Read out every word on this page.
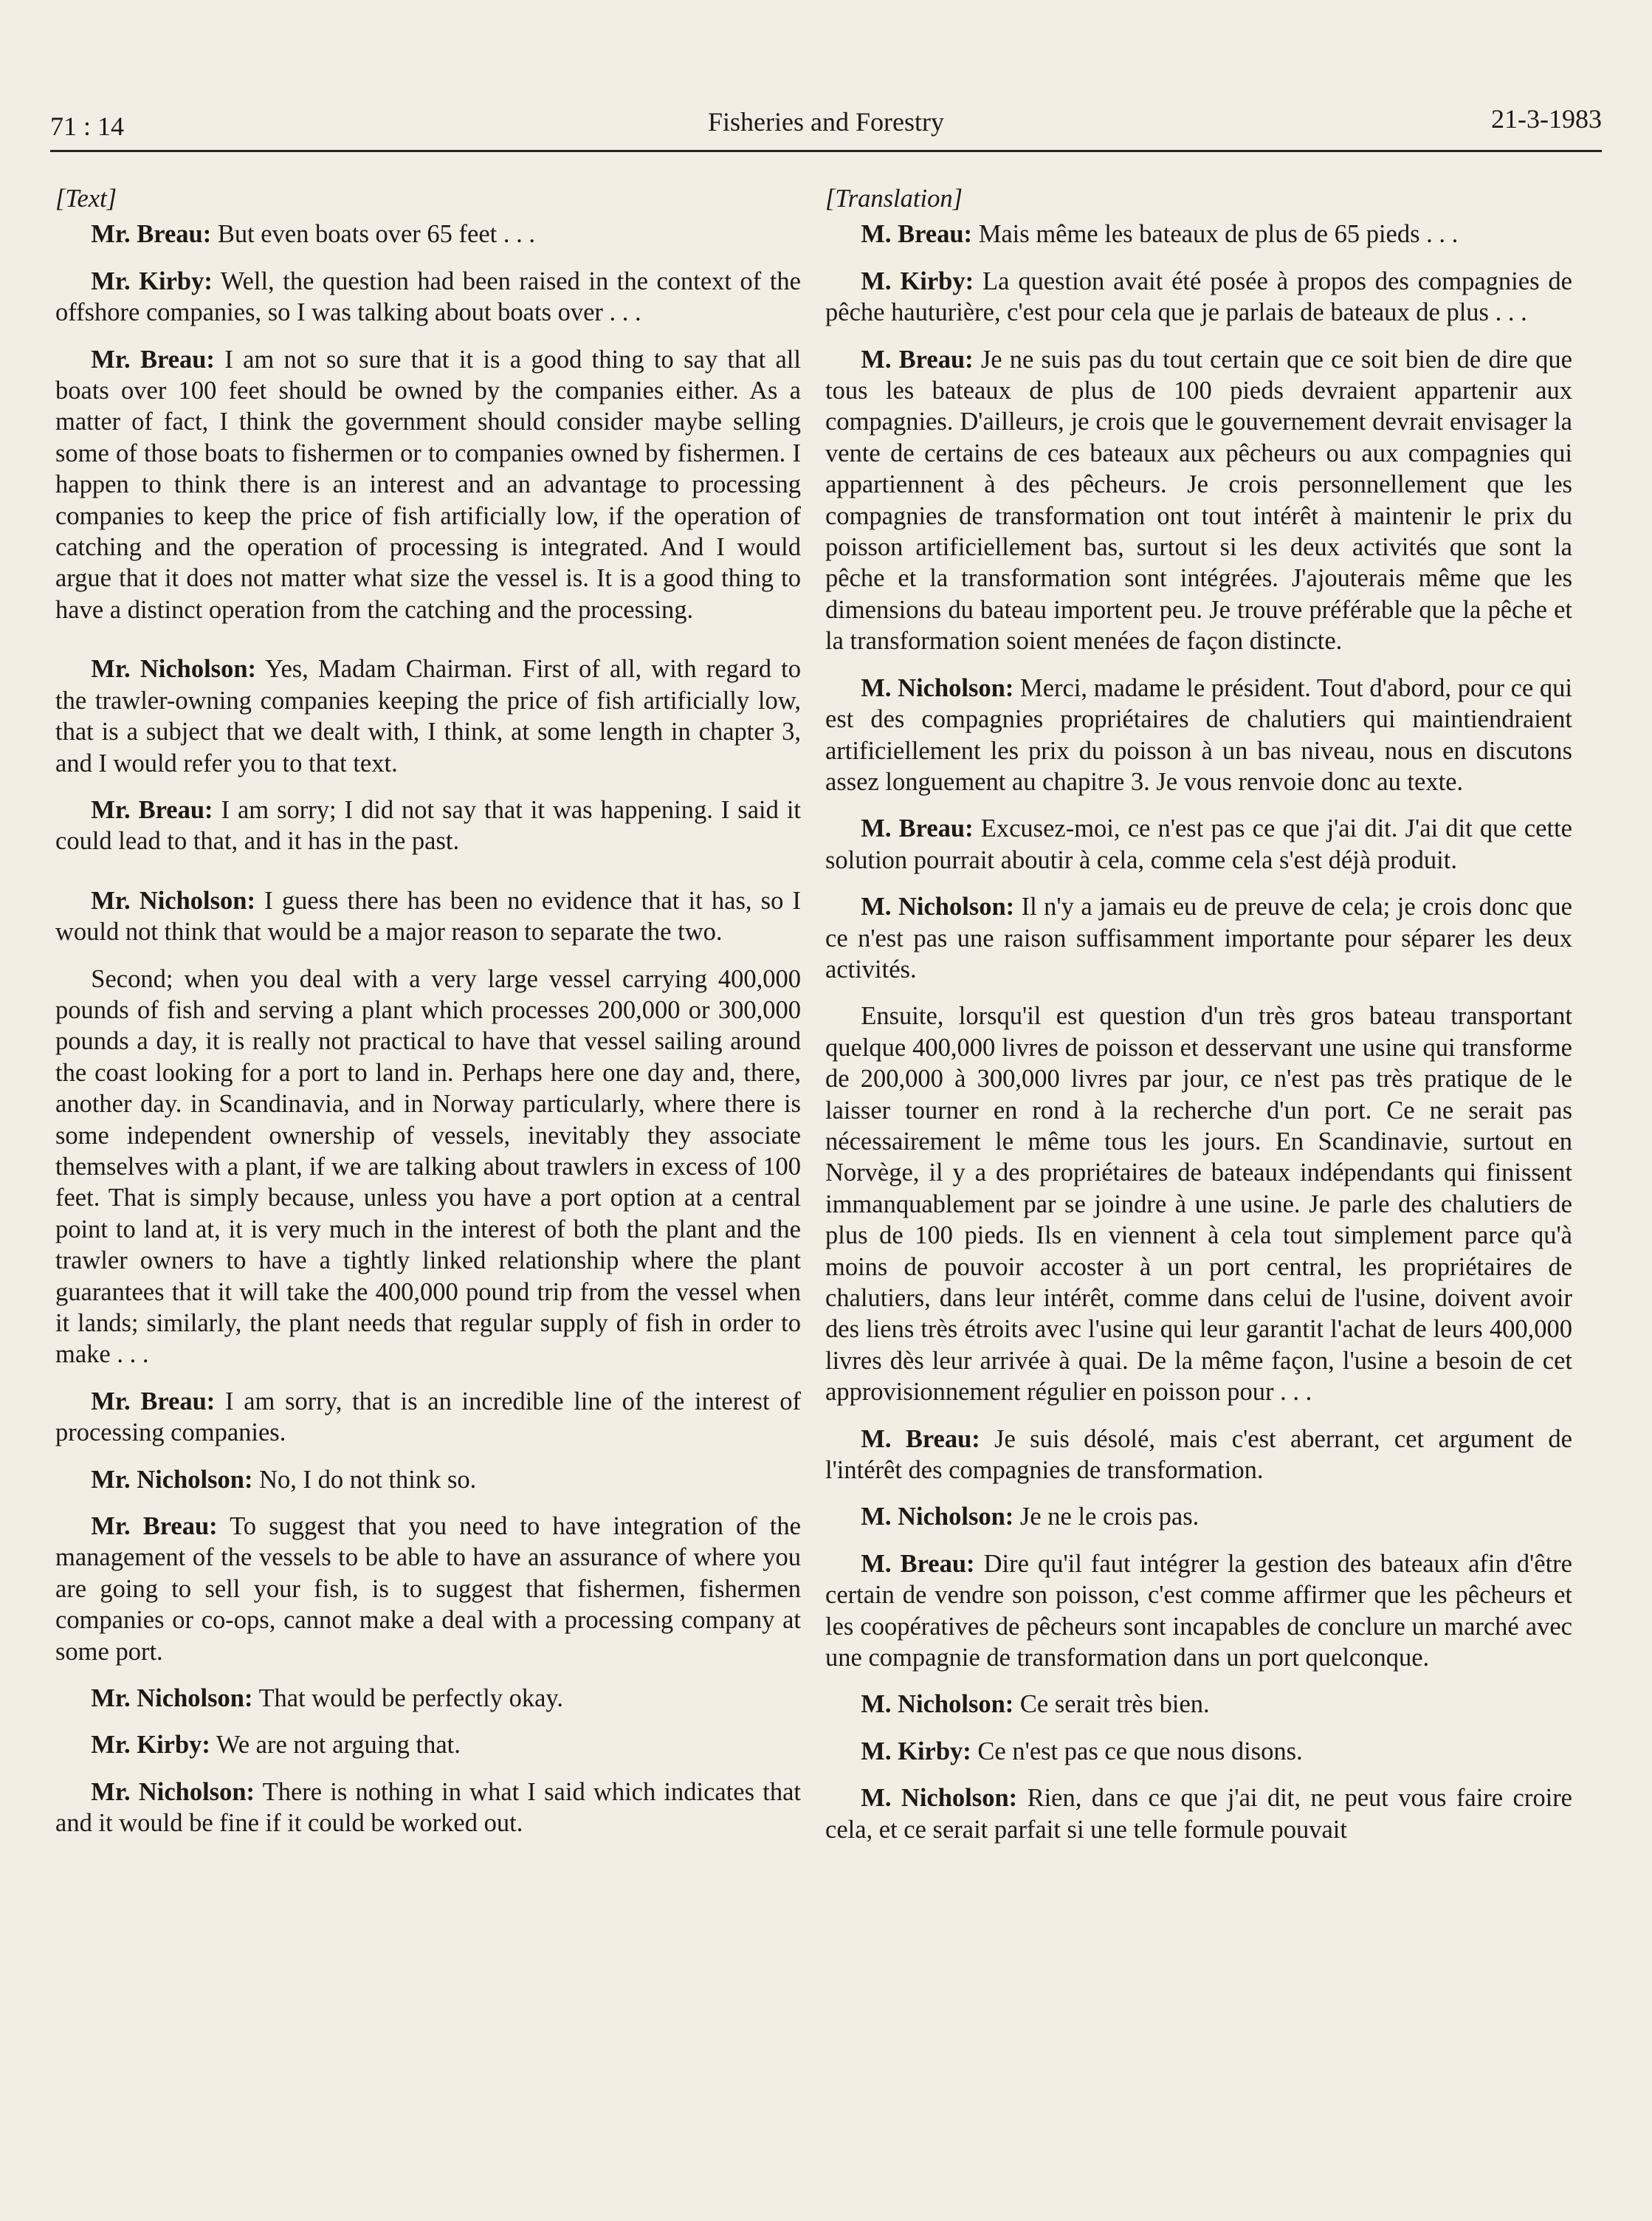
71 : 14	Fisheries and Forestry	21-3-1983

[Text]

Mr. Breau: But even boats over 65 feet . . .

Mr. Kirby: Well, the question had been raised in the context of the offshore companies, so I was talking about boats over . . .

Mr. Breau: I am not so sure that it is a good thing to say that all boats over 100 feet should be owned by the companies either. As a matter of fact, I think the government should consider maybe selling some of those boats to fishermen or to companies owned by fishermen. I happen to think there is an interest and an advantage to processing companies to keep the price of fish artificially low, if the operation of catching and the operation of processing is integrated. And I would argue that it does not matter what size the vessel is. It is a good thing to have a distinct operation from the catching and the processing.

Mr. Nicholson: Yes, Madam Chairman. First of all, with regard to the trawler-owning companies keeping the price of fish artificially low, that is a subject that we dealt with, I think, at some length in chapter 3, and I would refer you to that text.

Mr. Breau: I am sorry; I did not say that it was happening. I said it could lead to that, and it has in the past.

Mr. Nicholson: I guess there has been no evidence that it has, so I would not think that would be a major reason to separate the two.

Second; when you deal with a very large vessel carrying 400,000 pounds of fish and serving a plant which processes 200,000 or 300,000 pounds a day, it is really not practical to have that vessel sailing around the coast looking for a port to land in. Perhaps here one day and, there, another day. in Scandinavia, and in Norway particularly, where there is some independent ownership of vessels, inevitably they associate themselves with a plant, if we are talking about trawlers in excess of 100 feet. That is simply because, unless you have a port option at a central point to land at, it is very much in the interest of both the plant and the trawler owners to have a tightly linked relationship where the plant guarantees that it will take the 400,000 pound trip from the vessel when it lands; similarly, the plant needs that regular supply of fish in order to make . . .

Mr. Breau: I am sorry, that is an incredible line of the interest of processing companies.

Mr. Nicholson: No, I do not think so.

Mr. Breau: To suggest that you need to have integration of the management of the vessels to be able to have an assurance of where you are going to sell your fish, is to suggest that fishermen, fishermen companies or co-ops, cannot make a deal with a processing company at some port.

Mr. Nicholson: That would be perfectly okay.

Mr. Kirby: We are not arguing that.

Mr. Nicholson: There is nothing in what I said which indicates that and it would be fine if it could be worked out.

[Translation]

M. Breau: Mais même les bateaux de plus de 65 pieds . . .

M. Kirby: La question avait été posée à propos des compagnies de pêche hauturière, c'est pour cela que je parlais de bateaux de plus . . .

M. Breau: Je ne suis pas du tout certain que ce soit bien de dire que tous les bateaux de plus de 100 pieds devraient appartenir aux compagnies. D'ailleurs, je crois que le gouvernement devrait envisager la vente de certains de ces bateaux aux pêcheurs ou aux compagnies qui appartiennent à des pêcheurs. Je crois personnellement que les compagnies de transformation ont tout intérêt à maintenir le prix du poisson artificiellement bas, surtout si les deux activités que sont la pêche et la transformation sont intégrées. J'ajouterais même que les dimensions du bateau importent peu. Je trouve préférable que la pêche et la transformation soient menées de façon distincte.

M. Nicholson: Merci, madame le président. Tout d'abord, pour ce qui est des compagnies propriétaires de chalutiers qui maintiendraient artificiellement les prix du poisson à un bas niveau, nous en discutons assez longuement au chapitre 3. Je vous renvoie donc au texte.

M. Breau: Excusez-moi, ce n'est pas ce que j'ai dit. J'ai dit que cette solution pourrait aboutir à cela, comme cela s'est déjà produit.

M. Nicholson: Il n'y a jamais eu de preuve de cela; je crois donc que ce n'est pas une raison suffisamment importante pour séparer les deux activités.

Ensuite, lorsqu'il est question d'un très gros bateau transportant quelque 400,000 livres de poisson et desservant une usine qui transforme de 200,000 à 300,000 livres par jour, ce n'est pas très pratique de le laisser tourner en rond à la recherche d'un port. Ce ne serait pas nécessairement le même tous les jours. En Scandinavie, surtout en Norvège, il y a des propriétaires de bateaux indépendants qui finissent immanquablement par se joindre à une usine. Je parle des chalutiers de plus de 100 pieds. Ils en viennent à cela tout simplement parce qu'à moins de pouvoir accoster à un port central, les propriétaires de chalutiers, dans leur intérêt, comme dans celui de l'usine, doivent avoir des liens très étroits avec l'usine qui leur garantit l'achat de leurs 400,000 livres dès leur arrivée à quai. De la même façon, l'usine a besoin de cet approvisionnement régulier en poisson pour . . .

M. Breau: Je suis désolé, mais c'est aberrant, cet argument de l'intérêt des compagnies de transformation.

M. Nicholson: Je ne le crois pas.

M. Breau: Dire qu'il faut intégrer la gestion des bateaux afin d'être certain de vendre son poisson, c'est comme affirmer que les pêcheurs et les coopératives de pêcheurs sont incapables de conclure un marché avec une compagnie de transformation dans un port quelconque.

M. Nicholson: Ce serait très bien.

M. Kirby: Ce n'est pas ce que nous disons.

M. Nicholson: Rien, dans ce que j'ai dit, ne peut vous faire croire cela, et ce serait parfait si une telle formule pouvait
